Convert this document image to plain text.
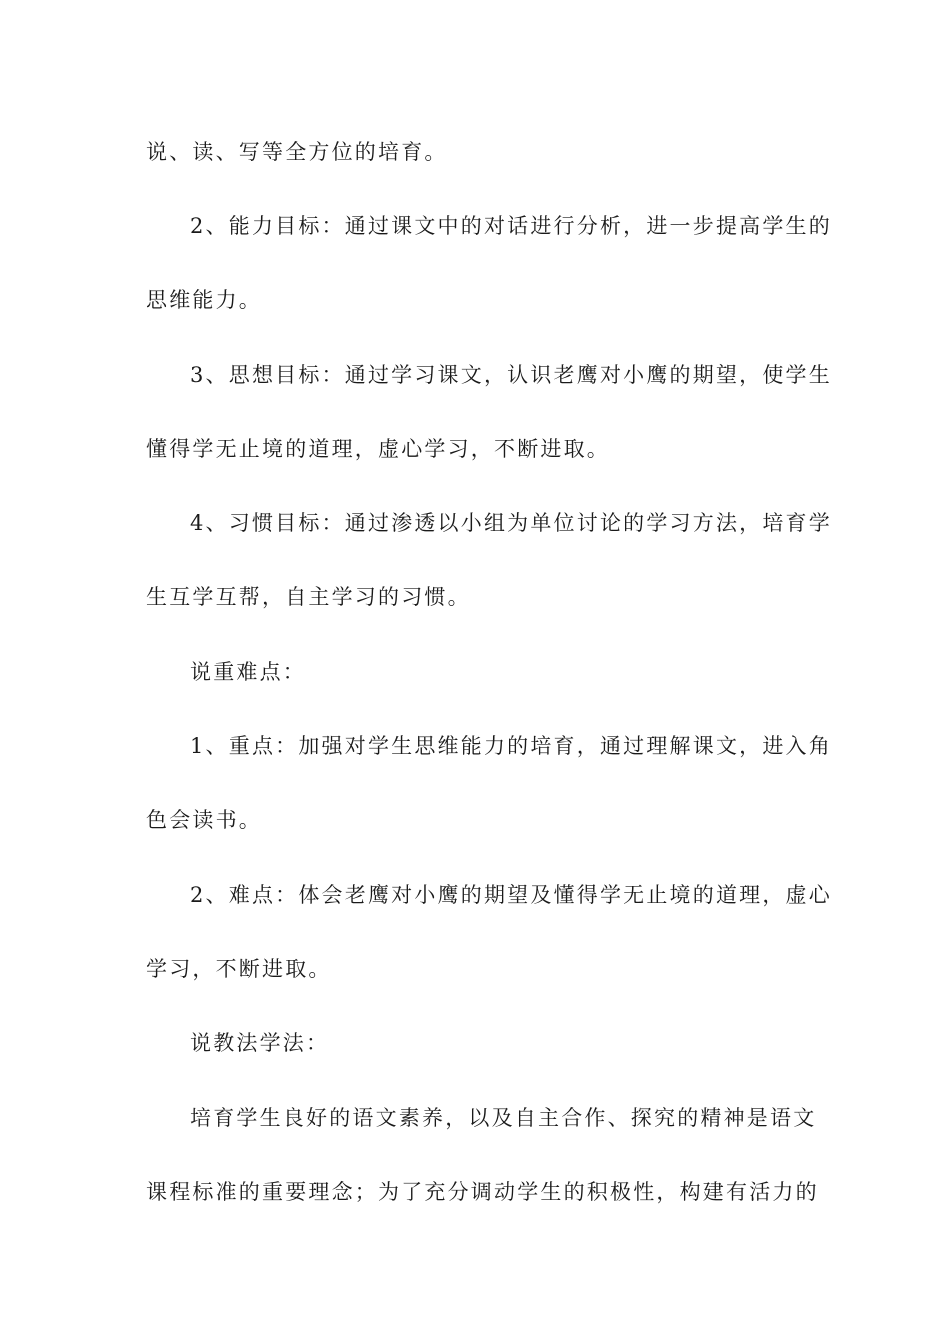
说、读、写等全方位的培育。
2、能力目标：通过课文中的对话进行分析，进一步提高学生的
思维能力。
3、思想目标：通过学习课文，认识老鹰对小鹰的期望，使学生
懂得学无止境的道理，虚心学习，不断进取。
4、习惯目标：通过渗透以小组为单位讨论的学习方法，培育学
生互学互帮，自主学习的习惯。
说重难点：
1、重点：加强对学生思维能力的培育，通过理解课文，进入角
色会读书。
2、难点：体会老鹰对小鹰的期望及懂得学无止境的道理，虚心
学习，不断进取。
说教法学法：
培育学生良好的语文素养，以及自主合作、探究的精神是语文
课程标准的重要理念；为了充分调动学生的积极性，构建有活力的
